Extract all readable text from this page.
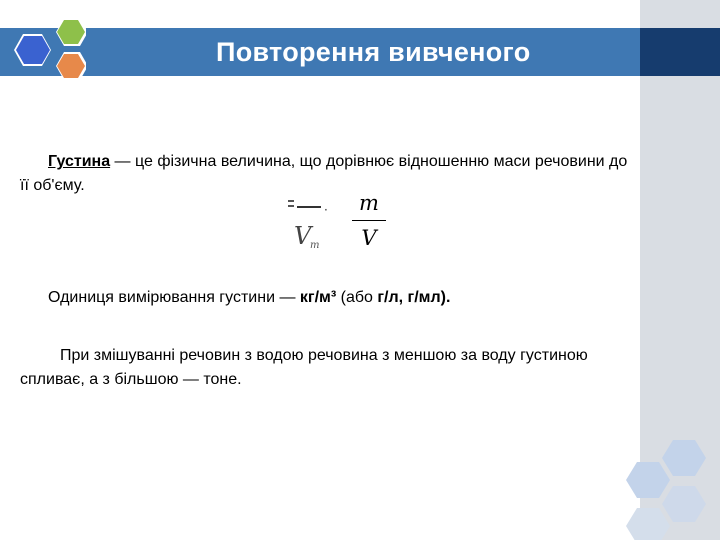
Повторення вивченого
Густина — це фізична величина, що дорівнює відношенню маси речовини до її об'єму.
·
V
m
m
V
Одиниця вимірювання густини — кг/м³ (або г/л, г/мл).
При змішуванні речовин з водою речовина з меншою за воду густиною спливає, а з більшою — тоне.
